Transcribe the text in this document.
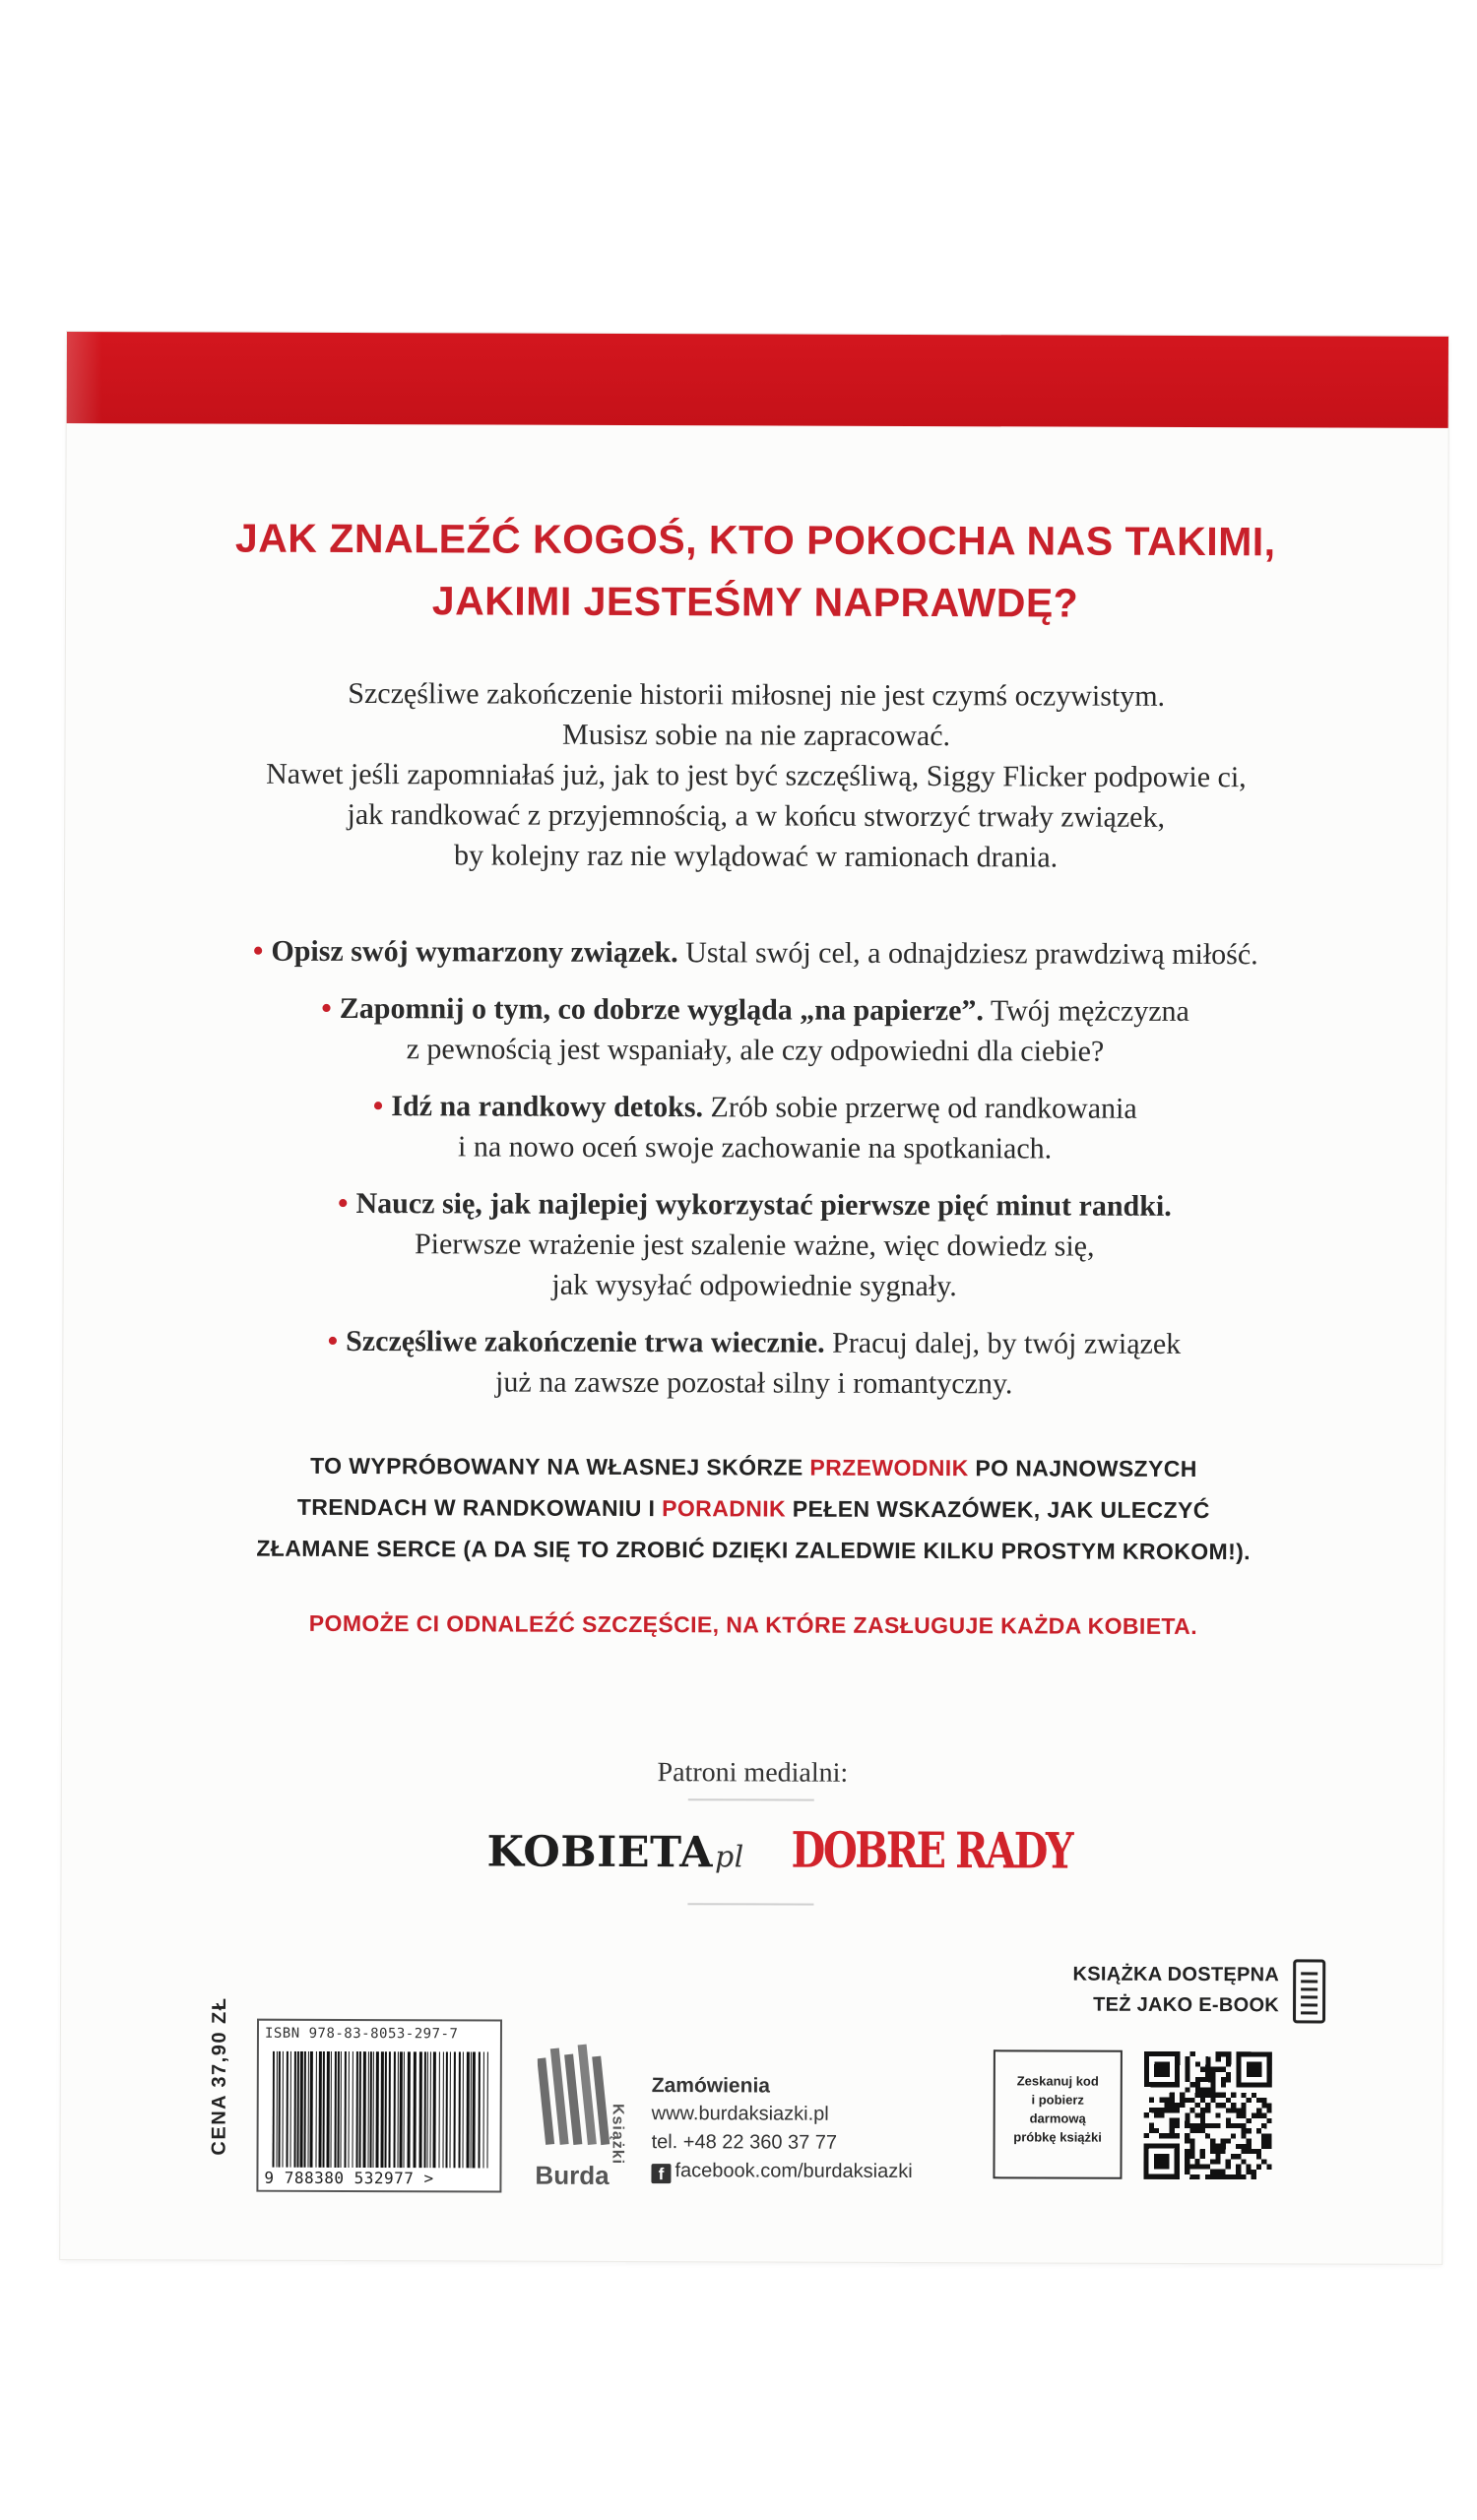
JAK ZNALEŹĆ KOGOŚ, KTO POKOCHA NAS TAKIMI,
JAKIMI JESTEŚMY NAPRAWDĘ?
Szczęśliwe zakończenie historii miłosnej nie jest czymś oczywistym.
Musisz sobie na nie zapracować.
Nawet jeśli zapomniałaś już, jak to jest być szczęśliwą, Siggy Flicker podpowie ci,
jak randkować z przyjemnością, a w końcu stworzyć trwały związek,
by kolejny raz nie wylądować w ramionach drania.
• Opisz swój wymarzony związek. Ustal swój cel, a odnajdziesz prawdziwą miłość.
• Zapomnij o tym, co dobrze wygląda „na papierze”. Twój mężczyzna
z pewnością jest wspaniały, ale czy odpowiedni dla ciebie?
• Idź na randkowy detoks. Zrób sobie przerwę od randkowania
i na nowo oceń swoje zachowanie na spotkaniach.
• Naucz się, jak najlepiej wykorzystać pierwsze pięć minut randki.
Pierwsze wrażenie jest szalenie ważne, więc dowiedz się,
jak wysyłać odpowiednie sygnały.
• Szczęśliwe zakończenie trwa wiecznie. Pracuj dalej, by twój związek
już na zawsze pozostał silny i romantyczny.
TO WYPRÓBOWANY NA WŁASNEJ SKÓRZE PRZEWODNIK PO NAJNOWSZYCH
TRENDACH W RANDKOWANIU I PORADNIK PEŁEN WSKAZÓWEK, JAK ULECZYĆ
ZŁAMANE SERCE (A DA SIĘ TO ZROBIĆ DZIĘKI ZALEDWIE KILKU PROSTYM KROKOM!).
POMOŻE CI ODNALEŹĆ SZCZĘŚCIE, NA KTÓRE ZASŁUGUJE KAŻDA KOBIETA.
Patroni medialni:
KOBIETApl DOBRE RADY
KSIĄŻKA DOSTĘPNA
TEŻ JAKO E-BOOK
Zeskanuj kod
i pobierz
darmową
próbkę książki
CENA 37,90 ZŁ ISBN 978-83-8053-297-7
9 788380 532977 >	Burda
Książki
Zamówienia
www.burdaksiazki.pl
tel. +48 22 360 37 77
f facebook.com/burdaksiazki
